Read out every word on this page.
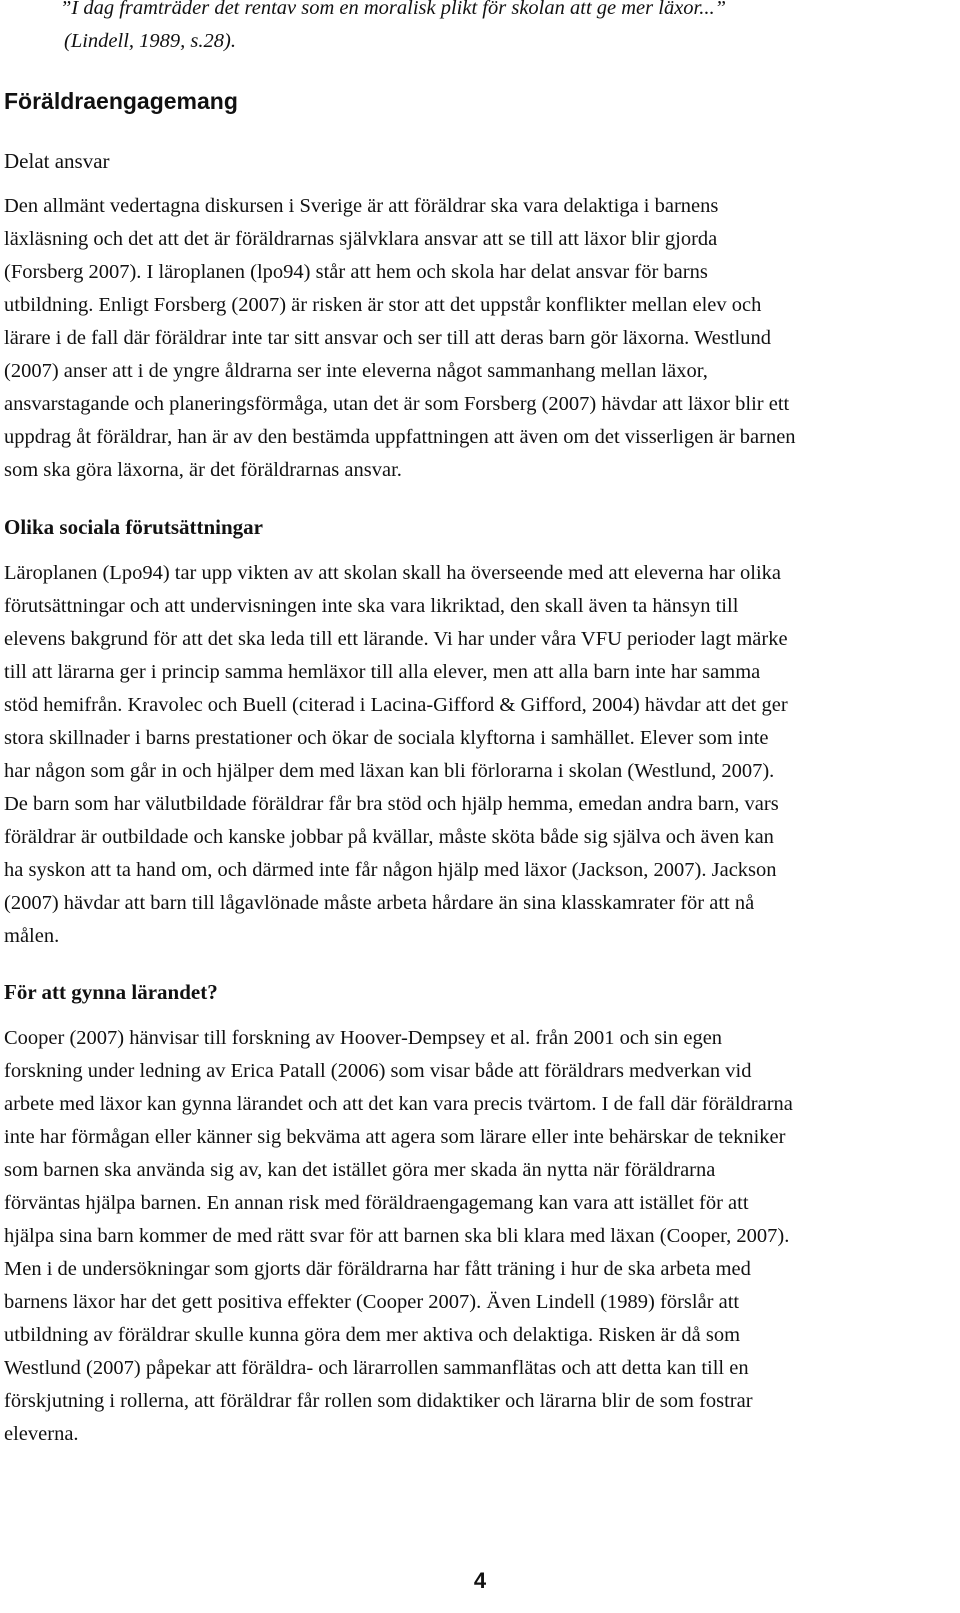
”I dag framträder det rentav som en moralisk plikt för skolan att ge mer läxor...”
(Lindell, 1989, s.28).
Föräldraengagemang
Delat ansvar
Den allmänt vedertagna diskursen i Sverige är att föräldrar ska vara delaktiga i barnens
läxläsning och det att det är föräldrarnas självklara ansvar att se till att läxor blir gjorda
(Forsberg 2007). I läroplanen (lpo94) står att hem och skola har delat ansvar för barns
utbildning. Enligt Forsberg (2007) är risken är stor att det uppstår konflikter mellan elev och
lärare i de fall där föräldrar inte tar sitt ansvar och ser till att deras barn gör läxorna. Westlund
(2007) anser att i de yngre åldrarna ser inte eleverna något sammanhang mellan läxor,
ansvarstagande och planeringsförmåga, utan det är som Forsberg (2007) hävdar att läxor blir ett
uppdrag åt föräldrar, han är av den bestämda uppfattningen att även om det visserligen är barnen
som ska göra läxorna, är det föräldrarnas ansvar.
Olika sociala förutsättningar
Läroplanen (Lpo94) tar upp vikten av att skolan skall ha överseende med att eleverna har olika
förutsättningar och att undervisningen inte ska vara likriktad, den skall även ta hänsyn till
elevens bakgrund för att det ska leda till ett lärande. Vi har under våra VFU perioder lagt märke
till att lärarna ger i princip samma hemläxor till alla elever, men att alla barn inte har samma
stöd hemifrån. Kravolec och Buell (citerad i Lacina-Gifford & Gifford, 2004) hävdar att det ger
stora skillnader i barns prestationer och ökar de sociala klyftorna i samhället. Elever som inte
har någon som går in och hjälper dem med läxan kan bli förlorarna i skolan (Westlund, 2007).
De barn som har välutbildade föräldrar får bra stöd och hjälp hemma, emedan andra barn, vars
föräldrar är outbildade och kanske jobbar på kvällar, måste sköta både sig själva och även kan
ha syskon att ta hand om, och därmed inte får någon hjälp med läxor (Jackson, 2007). Jackson
(2007) hävdar att barn till lågavlönade måste arbeta hårdare än sina klasskamrater för att nå
målen.
För att gynna lärandet?
Cooper (2007) hänvisar till forskning av Hoover-Dempsey et al. från 2001 och sin egen
forskning under ledning av Erica Patall (2006) som visar både att föräldrars medverkan vid
arbete med läxor kan gynna lärandet och att det kan vara precis tvärtom. I de fall där föräldrarna
inte har förmågan eller känner sig bekväma att agera som lärare eller inte behärskar de tekniker
som barnen ska använda sig av, kan det istället göra mer skada än nytta när föräldrarna
förväntas hjälpa barnen. En annan risk med föräldraengagemang kan vara att istället för att
hjälpa sina barn kommer de med rätt svar för att barnen ska bli klara med läxan (Cooper, 2007).
Men i de undersökningar som gjorts där föräldrarna har fått träning i hur de ska arbeta med
barnens läxor har det gett positiva effekter (Cooper 2007). Även Lindell (1989) förslår att
utbildning av föräldrar skulle kunna göra dem mer aktiva och delaktiga. Risken är då som
Westlund (2007) påpekar att föräldra- och lärarrollen sammanflätas och att detta kan till en
förskjutning i rollerna, att föräldrar får rollen som didaktiker och lärarna blir de som fostrar
eleverna.
4
